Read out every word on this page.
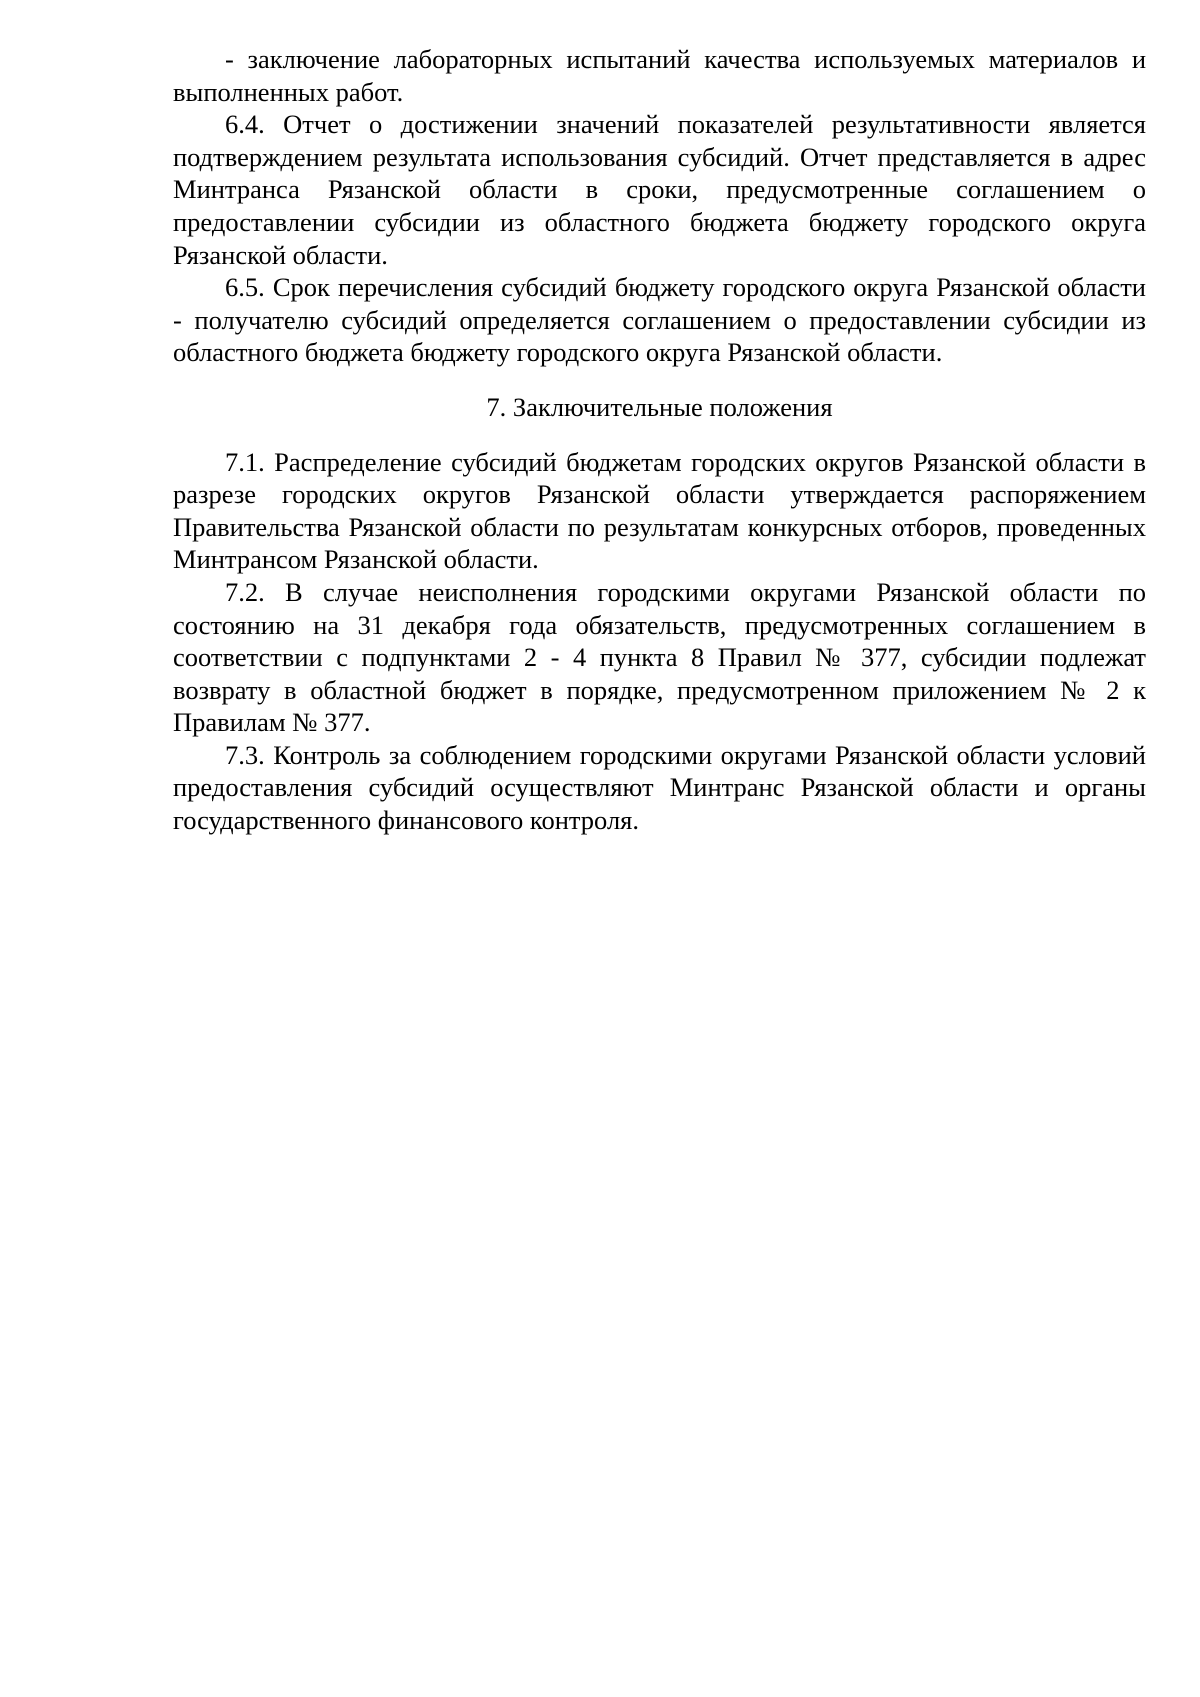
- заключение лабораторных испытаний качества используемых материалов и выполненных работ.

6.4. Отчет о достижении значений показателей результативности является подтверждением результата использования субсидий. Отчет представляется в адрес Минтранса Рязанской области в сроки, предусмотренные соглашением о предоставлении субсидии из областного бюджета бюджету городского округа Рязанской области.

6.5. Срок перечисления субсидий бюджету городского округа Рязанской области - получателю субсидий определяется соглашением о предоставлении субсидии из областного бюджета бюджету городского округа Рязанской области.

7. Заключительные положения

7.1. Распределение субсидий бюджетам городских округов Рязанской области в разрезе городских округов Рязанской области утверждается распоряжением Правительства Рязанской области по результатам конкурсных отборов, проведенных Минтрансом Рязанской области.

7.2. В случае неисполнения городскими округами Рязанской области по состоянию на 31 декабря года обязательств, предусмотренных соглашением в соответствии с подпунктами 2 - 4 пункта 8 Правил № 377, субсидии подлежат возврату в областной бюджет в порядке, предусмотренном приложением № 2 к Правилам № 377.

7.3. Контроль за соблюдением городскими округами Рязанской области условий предоставления субсидий осуществляют Минтранс Рязанской области и органы государственного финансового контроля.
